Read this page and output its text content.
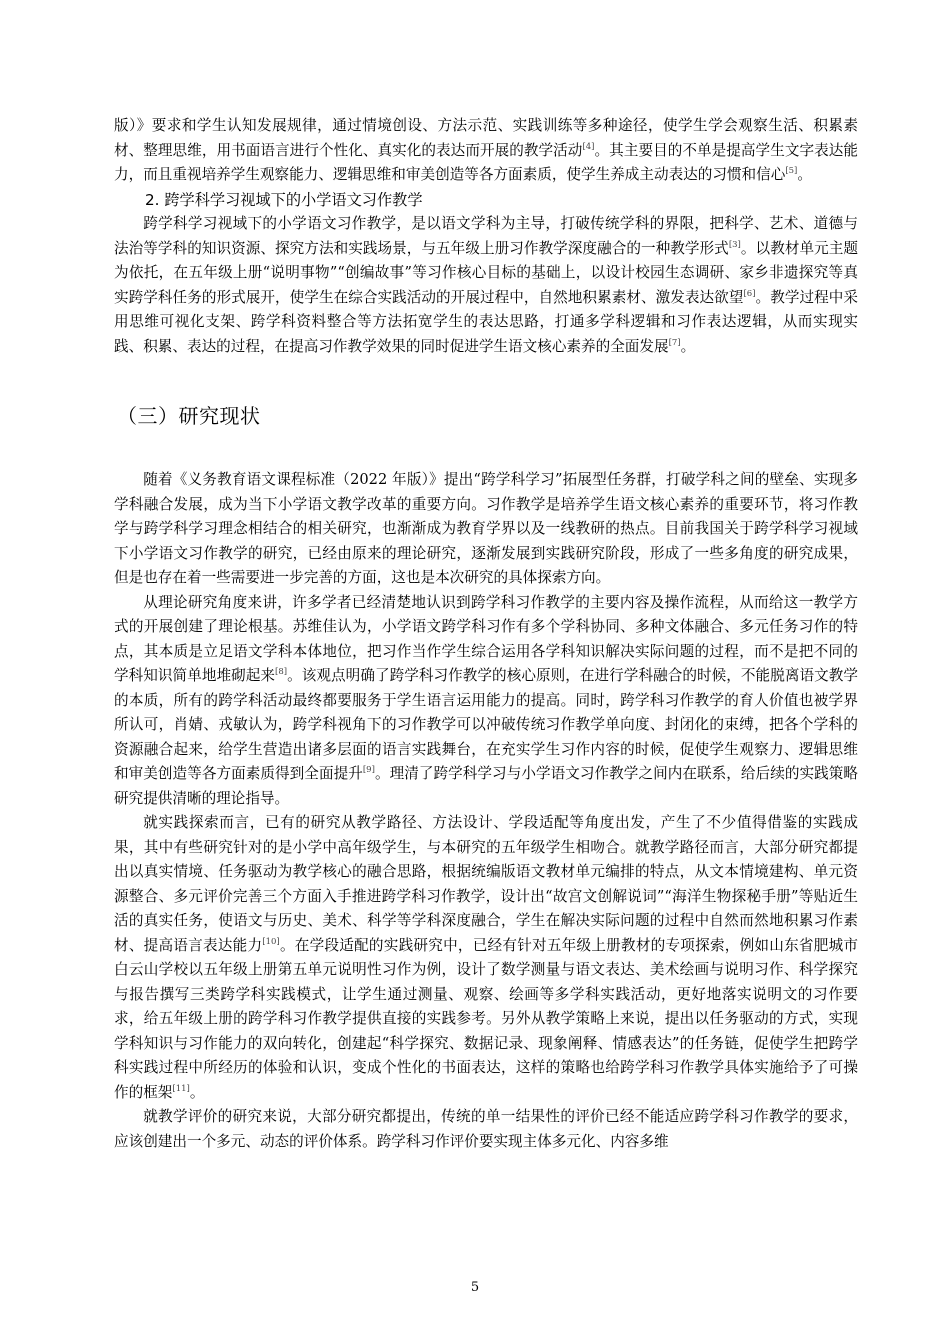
版）》要求和学生认知发展规律，通过情境创设、方法示范、实践训练等多种途径，使学生学会观察生活、积累素材、整理思维，用书面语言进行个性化、真实化的表达而开展的教学活动[4]。其主要目的不单是提高学生文字表达能力，而且重视培养学生观察能力、逻辑思维和审美创造等各方面素质，使学生养成主动表达的习惯和信心[5]。

2. 跨学科学习视域下的小学语文习作教学

跨学科学习视域下的小学语文习作教学，是以语文学科为主导，打破传统学科的界限，把科学、艺术、道德与法治等学科的知识资源、探究方法和实践场景，与五年级上册习作教学深度融合的一种教学形式[3]。以教材单元主题为依托，在五年级上册“说明事物”“创编故事”等习作核心目标的基础上，以设计校园生态调研、家乡非遗探究等真实跨学科任务的形式展开，使学生在综合实践活动的开展过程中，自然地积累素材、激发表达欲望[6]。教学过程中采用思维可视化支架、跨学科资料整合等方法拓宽学生的表达思路，打通多学科逻辑和习作表达逻辑，从而实现实践、积累、表达的过程，在提高习作教学效果的同时促进学生语文核心素养的全面发展[7]。

（三）研究现状

随着《义务教育语文课程标准（2022 年版）》提出“跨学科学习”拓展型任务群，打破学科之间的壁垒、实现多学科融合发展，成为当下小学语文教学改革的重要方向。习作教学是培养学生语文核心素养的重要环节，将习作教学与跨学科学习理念相结合的相关研究，也渐渐成为教育学界以及一线教研的热点。目前我国关于跨学科学习视域下小学语文习作教学的研究，已经由原来的理论研究，逐渐发展到实践研究阶段，形成了一些多角度的研究成果，但是也存在着一些需要进一步完善的方面，这也是本次研究的具体探索方向。

从理论研究角度来讲，许多学者已经清楚地认识到跨学科习作教学的主要内容及操作流程，从而给这一教学方式的开展创建了理论根基。苏维佳认为，小学语文跨学科习作有多个学科协同、多种文体融合、多元任务习作的特点，其本质是立足语文学科本体地位，把习作当作学生综合运用各学科知识解决实际问题的过程，而不是把不同的学科知识简单地堆砌起来[8]。该观点明确了跨学科习作教学的核心原则，在进行学科融合的时候，不能脱离语文教学的本质，所有的跨学科活动最终都要服务于学生语言运用能力的提高。同时，跨学科习作教学的育人价值也被学界所认可，肖婧、戎敏认为，跨学科视角下的习作教学可以冲破传统习作教学单向度、封闭化的束缚，把各个学科的资源融合起来，给学生营造出诸多层面的语言实践舞台，在充实学生习作内容的时候，促使学生观察力、逻辑思维和审美创造等各方面素质得到全面提升[9]。理清了跨学科学习与小学语文习作教学之间内在联系，给后续的实践策略研究提供清晰的理论指导。

就实践探索而言，已有的研究从教学路径、方法设计、学段适配等角度出发，产生了不少值得借鉴的实践成果，其中有些研究针对的是小学中高年级学生，与本研究的五年级学生相吻合。就教学路径而言，大部分研究都提出以真实情境、任务驱动为教学核心的融合思路，根据统编版语文教材单元编排的特点，从文本情境建构、单元资源整合、多元评价完善三个方面入手推进跨学科习作教学，设计出“故宫文创解说词”“海洋生物探秘手册”等贴近生活的真实任务，使语文与历史、美术、科学等学科深度融合，学生在解决实际问题的过程中自然而然地积累习作素材、提高语言表达能力[10]。在学段适配的实践研究中，已经有针对五年级上册教材的专项探索，例如山东省肥城市白云山学校以五年级上册第五单元说明性习作为例，设计了数学测量与语文表达、美术绘画与说明习作、科学探究与报告撰写三类跨学科实践模式，让学生通过测量、观察、绘画等多学科实践活动，更好地落实说明文的习作要求，给五年级上册的跨学科习作教学提供直接的实践参考。另外从教学策略上来说，提出以任务驱动的方式，实现学科知识与习作能力的双向转化，创建起“科学探究、数据记录、现象阐释、情感表达”的任务链，促使学生把跨学科实践过程中所经历的体验和认识，变成个性化的书面表达，这样的策略也给跨学科习作教学具体实施给予了可操作的框架[11]。

就教学评价的研究来说，大部分研究都提出，传统的单一结果性的评价已经不能适应跨学科习作教学的要求，应该创建出一个多元、动态的评价体系。跨学科习作评价要实现主体多元化、内容多维

5
